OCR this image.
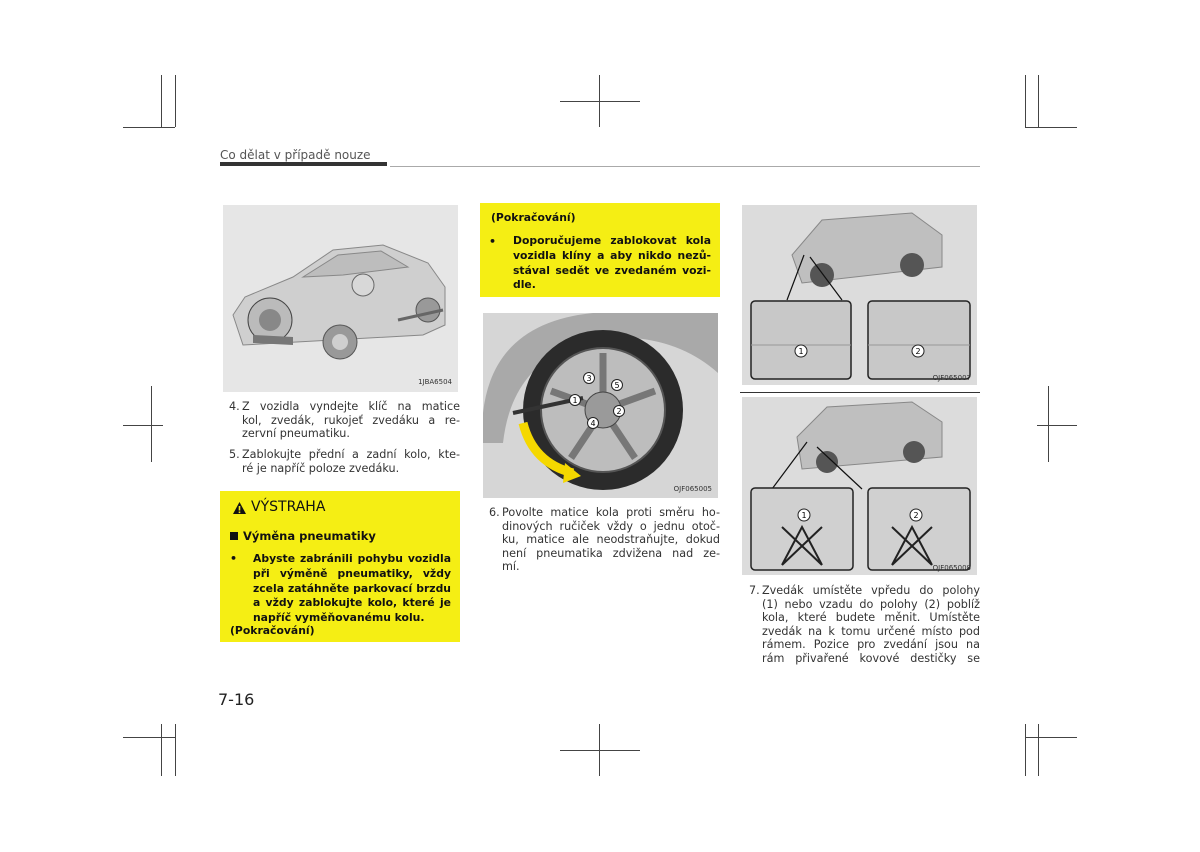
Co dělat v případě nouze
1JBA6504
4. Z vozidla vyndejte klíč na matice
kol, zvedák, rukojeť zvedáku a re-
zervní pneumatiku.
5. Zablokujte přední a zadní kolo, kte-
ré je napříč poloze zvedáku.
VÝSTRAHA
Výměna pneumatiky
• Abyste zabránili pohybu vozidla
při výměně pneumatiky, vždy
zcela zatáhněte parkovací brzdu
a vždy zablokujte kolo, které je
napříč vyměňovanému kolu.
(Pokračování)
(Pokračování)
• Doporučujeme zablokovat kola
vozidla klíny a aby nikdo nezů-
stával sedět ve zvedaném vozi-
dle.
1
2
3
4
5
OJF065005
6. Povolte matice kola proti směru ho-
dinových ručiček vždy o jednu otoč-
ku, matice ale neodstraňujte, dokud
není pneumatika zdvižena nad ze-
mí.
1	2
OJF065007
1	2
OJF065008
7. Zvedák umístěte vpředu do polohy
(1) nebo vzadu do polohy (2) poblíž
kola, které budete měnit. Umístěte
zvedák na k tomu určené místo pod
rámem. Pozice pro zvedání jsou na
rám přivařené kovové destičky se
7-16
